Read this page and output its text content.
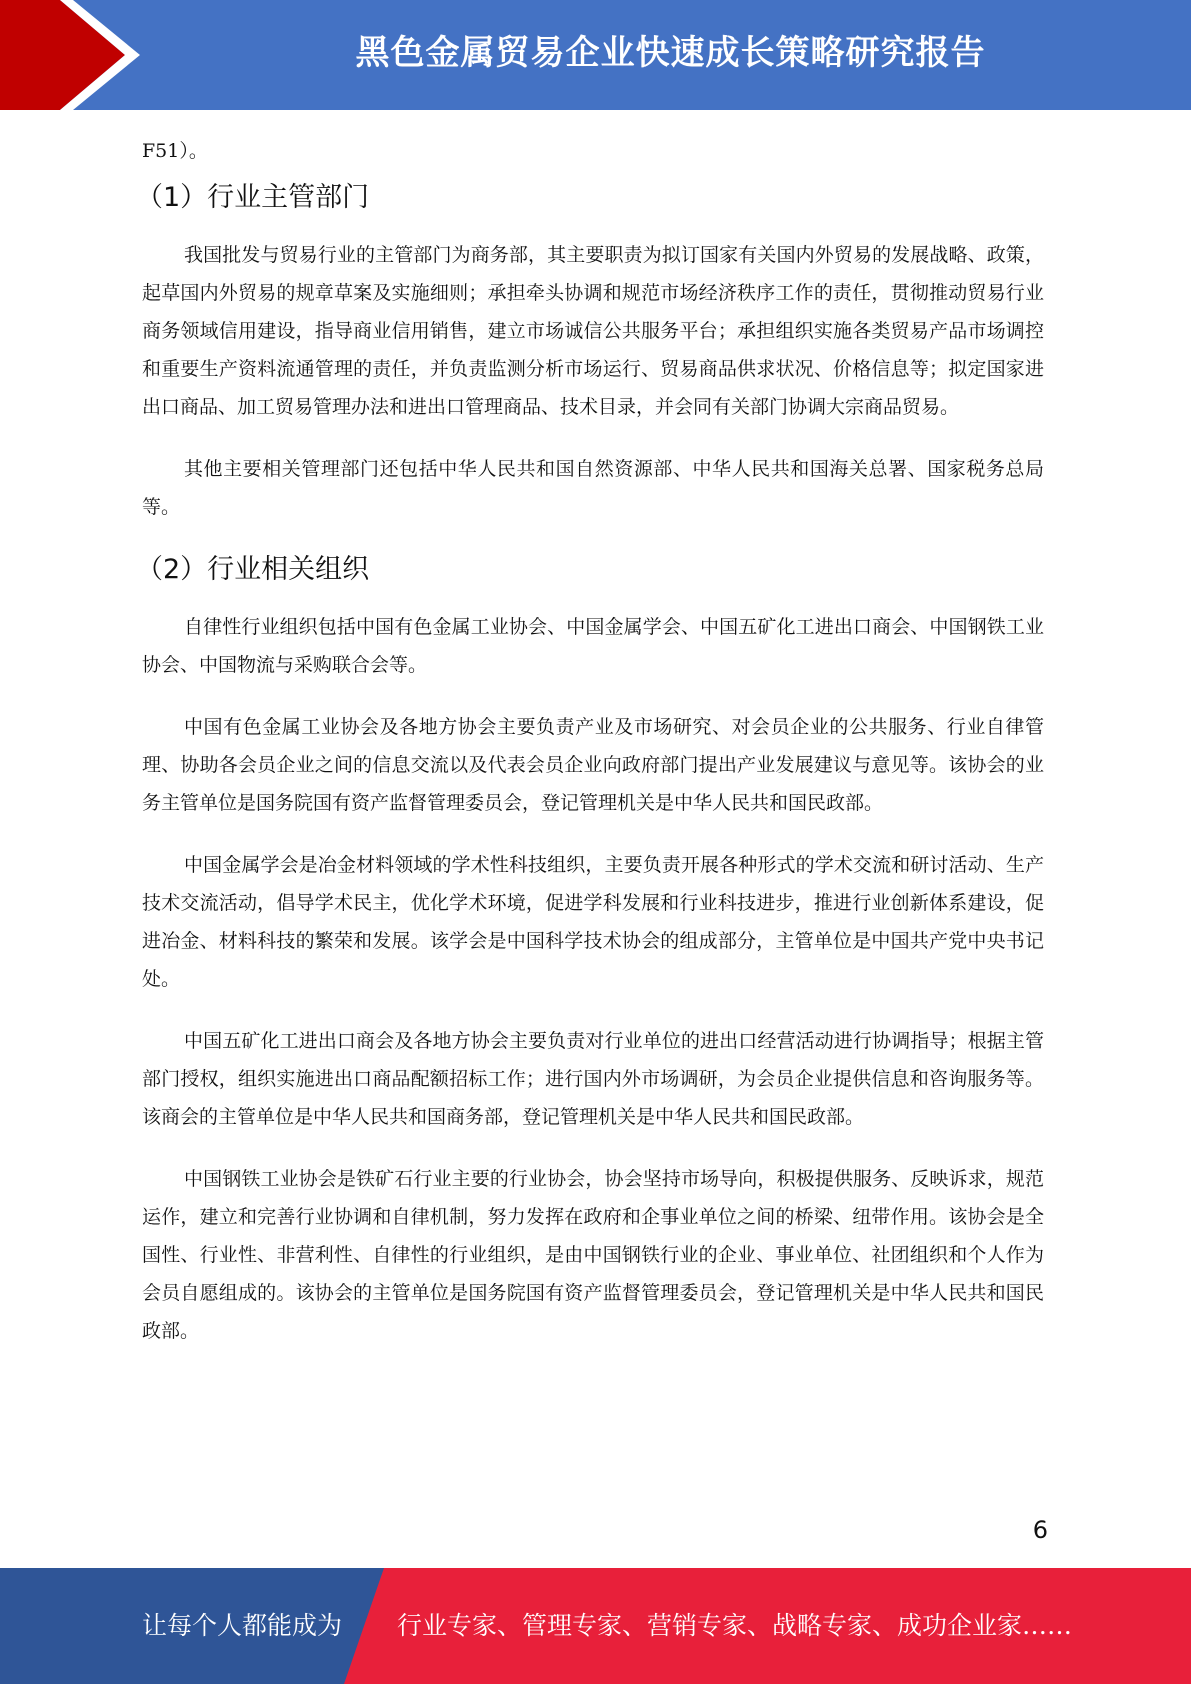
黑色金属贸易企业快速成长策略研究报告

F51）。

（1）行业主管部门

我国批发与贸易行业的主管部门为商务部，其主要职责为拟订国家有关国内外贸易的发展战略、政策，起草国内外贸易的规章草案及实施细则；承担牵头协调和规范市场经济秩序工作的责任，贯彻推动贸易行业商务领域信用建设，指导商业信用销售，建立市场诚信公共服务平台；承担组织实施各类贸易产品市场调控和重要生产资料流通管理的责任，并负责监测分析市场运行、贸易商品供求状况、价格信息等；拟定国家进出口商品、加工贸易管理办法和进出口管理商品、技术目录，并会同有关部门协调大宗商品贸易。

其他主要相关管理部门还包括中华人民共和国自然资源部、中华人民共和国海关总署、国家税务总局等。

（2）行业相关组织

自律性行业组织包括中国有色金属工业协会、中国金属学会、中国五矿化工进出口商会、中国钢铁工业协会、中国物流与采购联合会等。

中国有色金属工业协会及各地方协会主要负责产业及市场研究、对会员企业的公共服务、行业自律管理、协助各会员企业之间的信息交流以及代表会员企业向政府部门提出产业发展建议与意见等。该协会的业务主管单位是国务院国有资产监督管理委员会，登记管理机关是中华人民共和国民政部。

中国金属学会是冶金材料领域的学术性科技组织，主要负责开展各种形式的学术交流和研讨活动、生产技术交流活动，倡导学术民主，优化学术环境，促进学科发展和行业科技进步，推进行业创新体系建设，促进冶金、材料科技的繁荣和发展。该学会是中国科学技术协会的组成部分，主管单位是中国共产党中央书记处。

中国五矿化工进出口商会及各地方协会主要负责对行业单位的进出口经营活动进行协调指导；根据主管部门授权，组织实施进出口商品配额招标工作；进行国内外市场调研，为会员企业提供信息和咨询服务等。该商会的主管单位是中华人民共和国商务部，登记管理机关是中华人民共和国民政部。

中国钢铁工业协会是铁矿石行业主要的行业协会，协会坚持市场导向，积极提供服务、反映诉求，规范运作，建立和完善行业协调和自律机制，努力发挥在政府和企事业单位之间的桥梁、纽带作用。该协会是全国性、行业性、非营利性、自律性的行业组织，是由中国钢铁行业的企业、事业单位、社团组织和个人作为会员自愿组成的。该协会的主管单位是国务院国有资产监督管理委员会，登记管理机关是中华人民共和国民政部。

6
让每个人都能成为 行业专家、管理专家、营销专家、战略专家、成功企业家……
